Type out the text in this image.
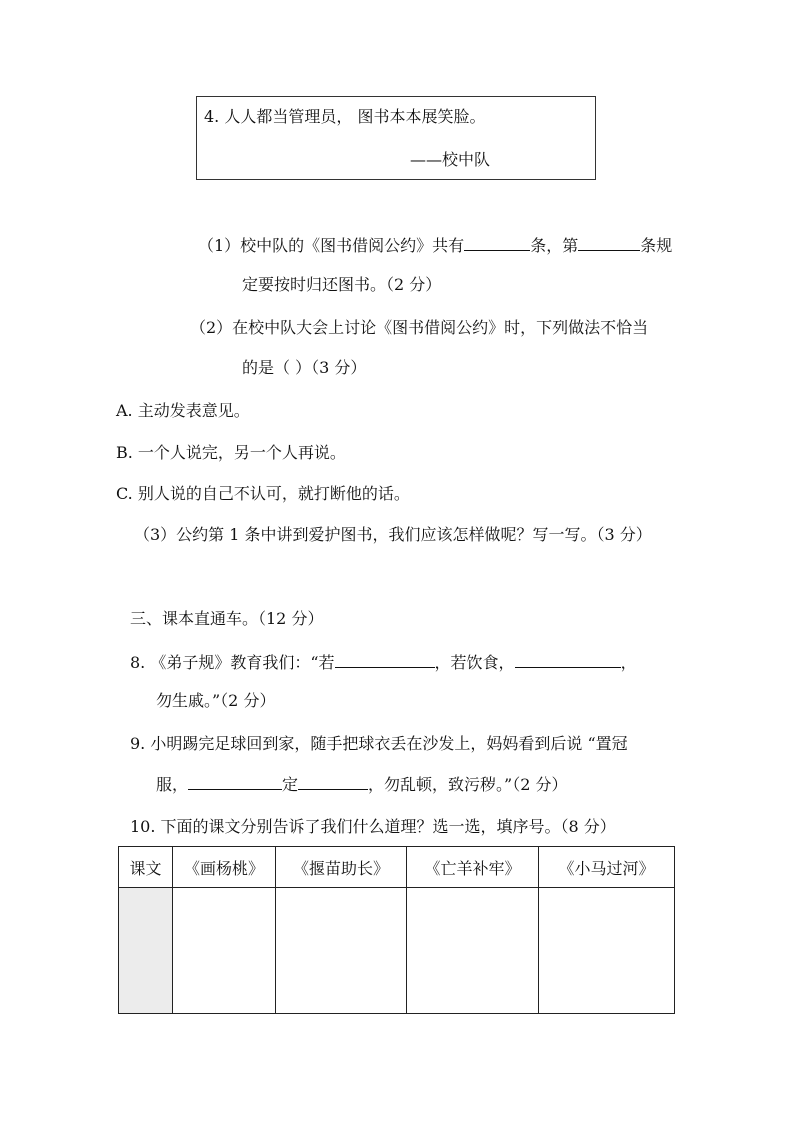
4. 人人都当管理员， 图书本本展笑脸。
——校中队
（1）校中队的《图书借阅公约》共有	条，第	条规
定要按时归还图书。（2 分）
（2）在校中队大会上讨论《图书借阅公约》时，下列做法不恰当
的是（ ）（3 分）
A. 主动发表意见。
B. 一个人说完，另一个人再说。
C. 别人说的自己不认可，就打断他的话。
（3）公约第 1 条中讲到爱护图书，我们应该怎样做呢？写一写。（3 分）
三、课本直通车。（12 分）
8. 《弟子规》教育我们：“若	，若饮食，	，
勿生戚。”（2 分）
9. 小明踢完足球回到家，随手把球衣丢在沙发上，妈妈看到后说 “置冠
服，	定	，勿乱顿，致污秽。”（2 分）
10. 下面的课文分别告诉了我们什么道理？选一选，填序号。（8 分）
课文	《画杨桃》	《揠苗助长》	《亡羊补牢》	《小马过河》
